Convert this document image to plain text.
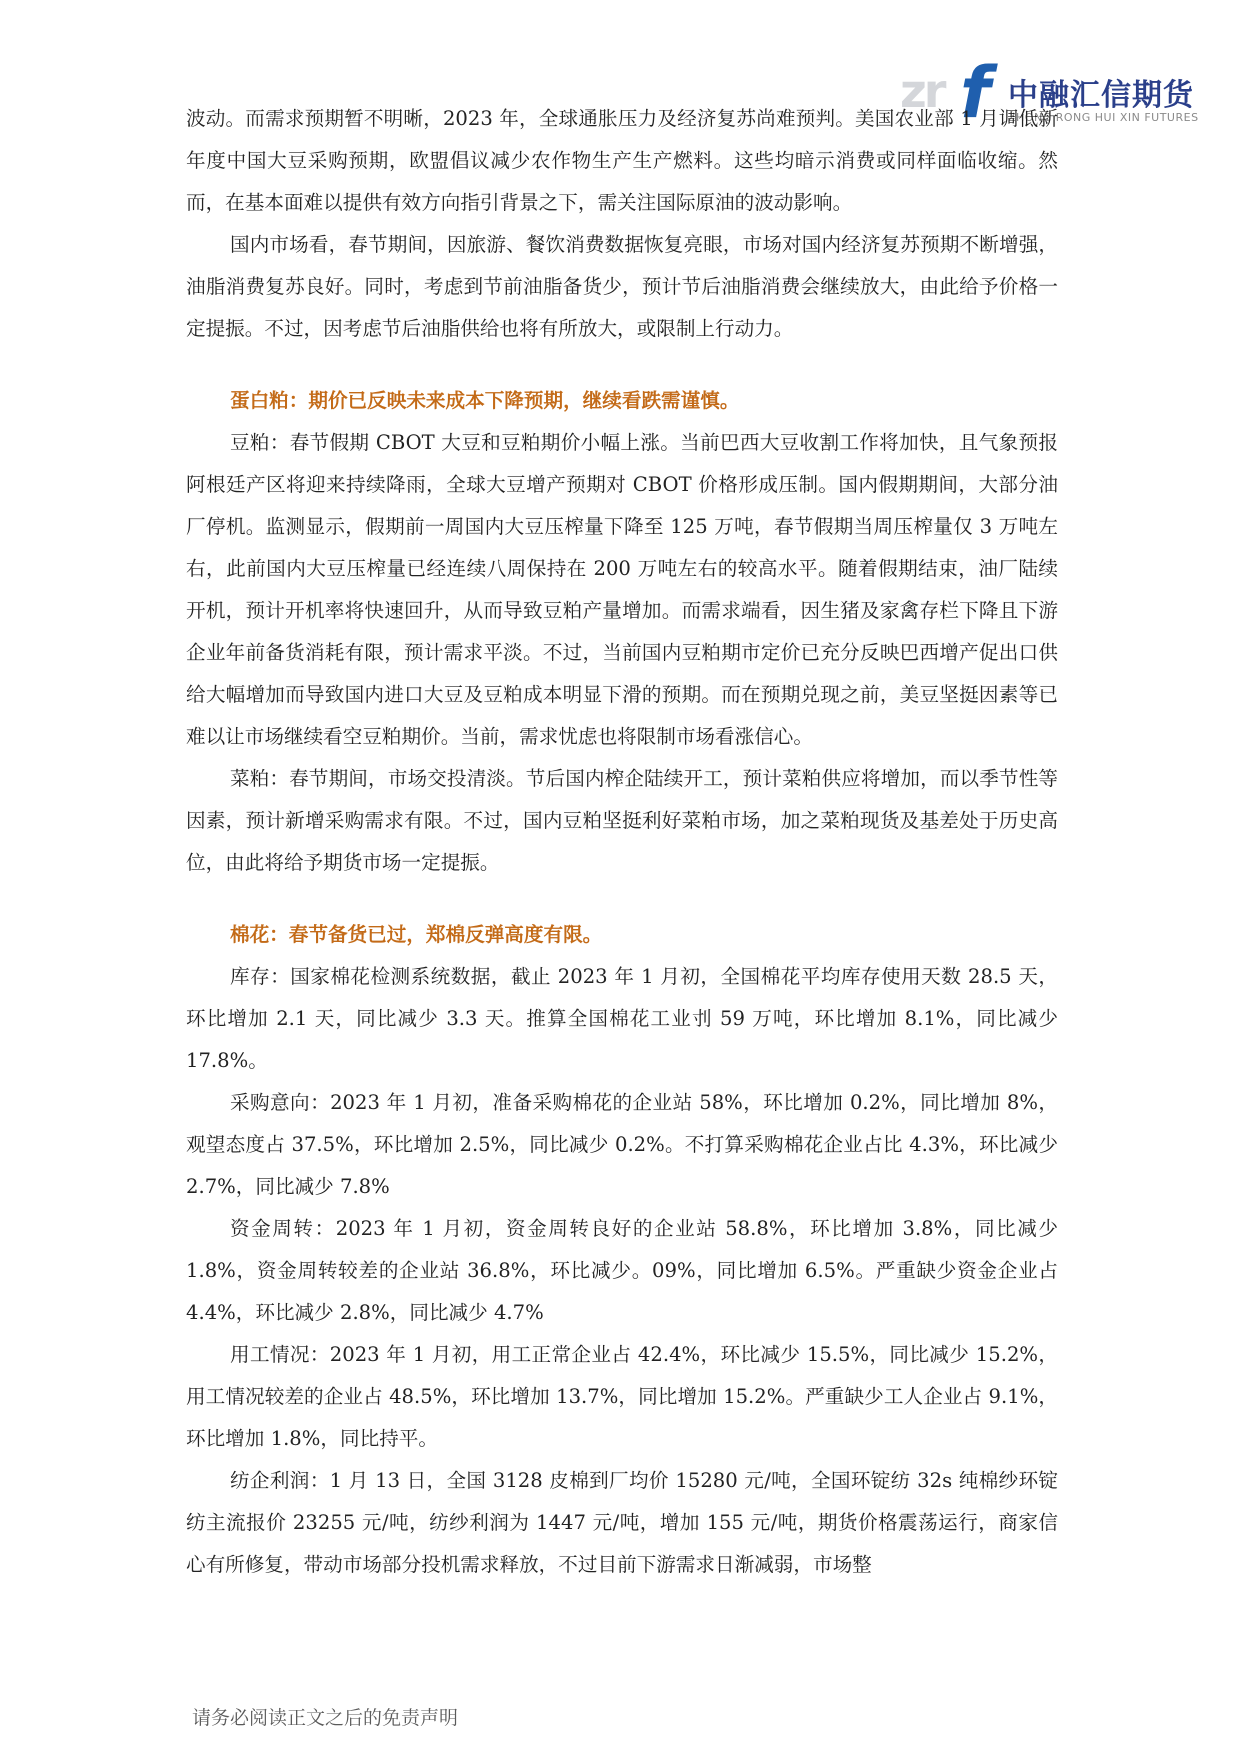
zr f 中融汇信期货
ZHONG RONG HUI XIN FUTURES

波动。而需求预期暂不明晰，2023 年，全球通胀压力及经济复苏尚难预判。美国农业部 1 月调低新年度中国大豆采购预期，欧盟倡议减少农作物生产生产燃料。这些均暗示消费或同样面临收缩。然而，在基本面难以提供有效方向指引背景之下，需关注国际原油的波动影响。

国内市场看，春节期间，因旅游、餐饮消费数据恢复亮眼，市场对国内经济复苏预期不断增强，油脂消费复苏良好。同时，考虑到节前油脂备货少，预计节后油脂消费会继续放大，由此给予价格一定提振。不过，因考虑节后油脂供给也将有所放大，或限制上行动力。

蛋白粕：期价已反映未来成本下降预期，继续看跌需谨慎。

豆粕：春节假期 CBOT 大豆和豆粕期价小幅上涨。当前巴西大豆收割工作将加快，且气象预报阿根廷产区将迎来持续降雨，全球大豆增产预期对 CBOT 价格形成压制。国内假期期间，大部分油厂停机。监测显示，假期前一周国内大豆压榨量下降至 125 万吨，春节假期当周压榨量仅 3 万吨左右，此前国内大豆压榨量已经连续八周保持在 200 万吨左右的较高水平。随着假期结束，油厂陆续开机，预计开机率将快速回升，从而导致豆粕产量增加。而需求端看，因生猪及家禽存栏下降且下游企业年前备货消耗有限，预计需求平淡。不过，当前国内豆粕期市定价已充分反映巴西增产促出口供给大幅增加而导致国内进口大豆及豆粕成本明显下滑的预期。而在预期兑现之前，美豆坚挺因素等已难以让市场继续看空豆粕期价。当前，需求忧虑也将限制市场看涨信心。

菜粕：春节期间，市场交投清淡。节后国内榨企陆续开工，预计菜粕供应将增加，而以季节性等因素，预计新增采购需求有限。不过，国内豆粕坚挺利好菜粕市场，加之菜粕现货及基差处于历史高位，由此将给予期货市场一定提振。

棉花：春节备货已过，郑棉反弹高度有限。

库存：国家棉花检测系统数据，截止 2023 年 1 月初，全国棉花平均库存使用天数 28.5 天，环比增加 2.1 天，同比减少 3.3 天。推算全国棉花工业刌 59 万吨，环比增加 8.1%，同比减少 17.8%。

采购意向：2023 年 1 月初，准备采购棉花的企业站 58%，环比增加 0.2%，同比增加 8%，观望态度占 37.5%，环比增加 2.5%，同比减少 0.2%。不打算采购棉花企业占比 4.3%，环比减少 2.7%，同比减少 7.8%

资金周转：2023 年 1 月初，资金周转良好的企业站 58.8%，环比增加 3.8%，同比减少 1.8%，资金周转较差的企业站 36.8%，环比减少。09%，同比增加 6.5%。严重缺少资金企业占 4.4%，环比减少 2.8%，同比减少 4.7%

用工情况：2023 年 1 月初，用工正常企业占 42.4%，环比减少 15.5%，同比减少 15.2%，用工情况较差的企业占 48.5%，环比增加 13.7%，同比增加 15.2%。严重缺少工人企业占 9.1%，环比增加 1.8%，同比持平。

纺企利润：1 月 13 日，全国 3128 皮棉到厂均价 15280 元/吨，全国环锭纺 32s 纯棉纱环锭纺主流报价 23255 元/吨，纺纱利润为 1447 元/吨，增加 155 元/吨，期货价格震荡运行，商家信心有所修复，带动市场部分投机需求释放，不过目前下游需求日渐减弱，市场整

请务必阅读正文之后的免责声明
